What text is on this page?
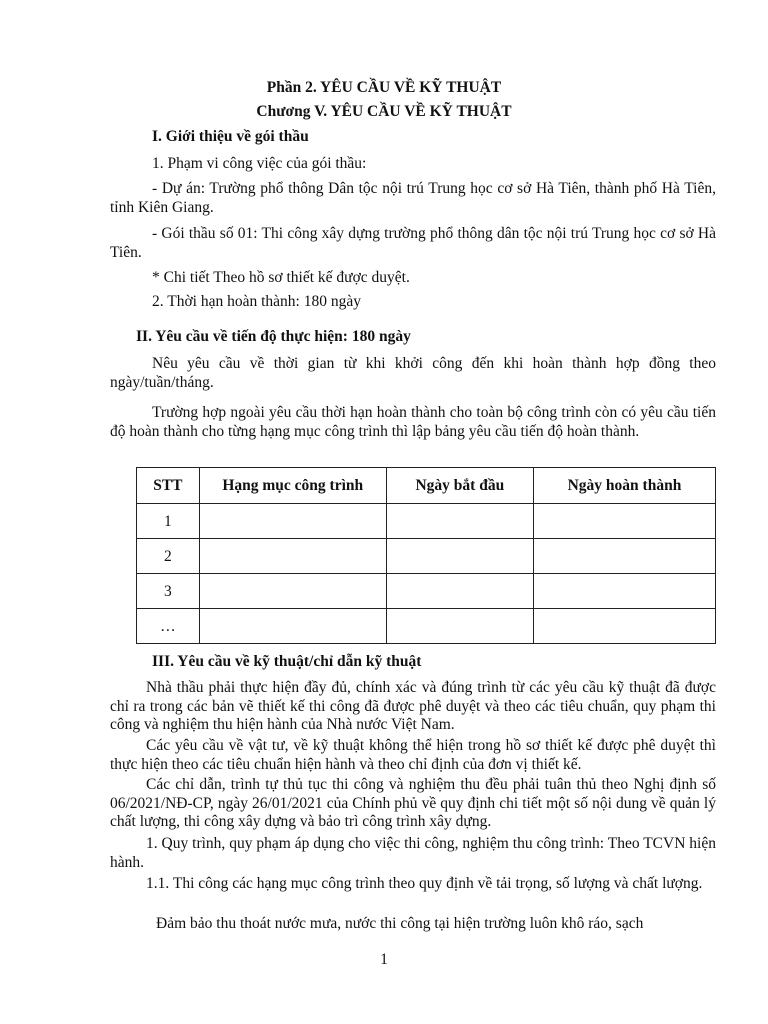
Phần 2. YÊU CẦU VỀ KỸ THUẬT
Chương V. YÊU CẦU VỀ KỸ THUẬT
I. Giới thiệu về gói thầu
1. Phạm vi công việc của gói thầu:
- Dự án: Trường phổ thông Dân tộc nội trú Trung học cơ sở Hà Tiên, thành phố Hà Tiên, tỉnh Kiên Giang.
- Gói thầu số 01: Thi công xây dựng trường phổ thông dân tộc nội trú Trung học cơ sở Hà Tiên.
* Chi tiết Theo hồ sơ thiết kế được duyệt.
2. Thời hạn hoàn thành: 180 ngày
II. Yêu cầu về tiến độ thực hiện: 180 ngày
Nêu yêu cầu về thời gian từ khi khởi công đến khi hoàn thành hợp đồng theo ngày/tuần/tháng.
Trường hợp ngoài yêu cầu thời hạn hoàn thành cho toàn bộ công trình còn có yêu cầu tiến độ hoàn thành cho từng hạng mục công trình thì lập bảng yêu cầu tiến độ hoàn thành.
STT	Hạng mục công trình	Ngày bắt đầu	Ngày hoàn thành
1			
2			
3			
…			
III. Yêu cầu về kỹ thuật/chỉ dẫn kỹ thuật
Nhà thầu phải thực hiện đầy đủ, chính xác và đúng trình từ các yêu cầu kỹ thuật đã được chỉ ra trong các bản vẽ thiết kế thi công đã được phê duyệt và theo các tiêu chuẩn, quy phạm thi công và nghiệm thu hiện hành của Nhà nước Việt Nam.
Các yêu cầu về vật tư, về kỹ thuật không thể hiện trong hồ sơ thiết kế được phê duyệt thì thực hiện theo các tiêu chuẩn hiện hành và theo chỉ định của đơn vị thiết kế.
Các chỉ dẫn, trình tự thủ tục thi công và nghiệm thu đều phải tuân thủ theo Nghị định số 06/2021/NĐ-CP, ngày 26/01/2021 của Chính phủ về quy định chi tiết một số nội dung về quản lý chất lượng, thi công xây dựng và bảo trì công trình xây dựng.
1. Quy trình, quy phạm áp dụng cho việc thi công, nghiệm thu công trình: Theo TCVN hiện hành.
1.1. Thi công các hạng mục công trình theo quy định về tải trọng, số lượng và chất lượng.
Đảm bảo thu thoát nước mưa, nước thi công tại hiện trường luôn khô ráo, sạch
1
